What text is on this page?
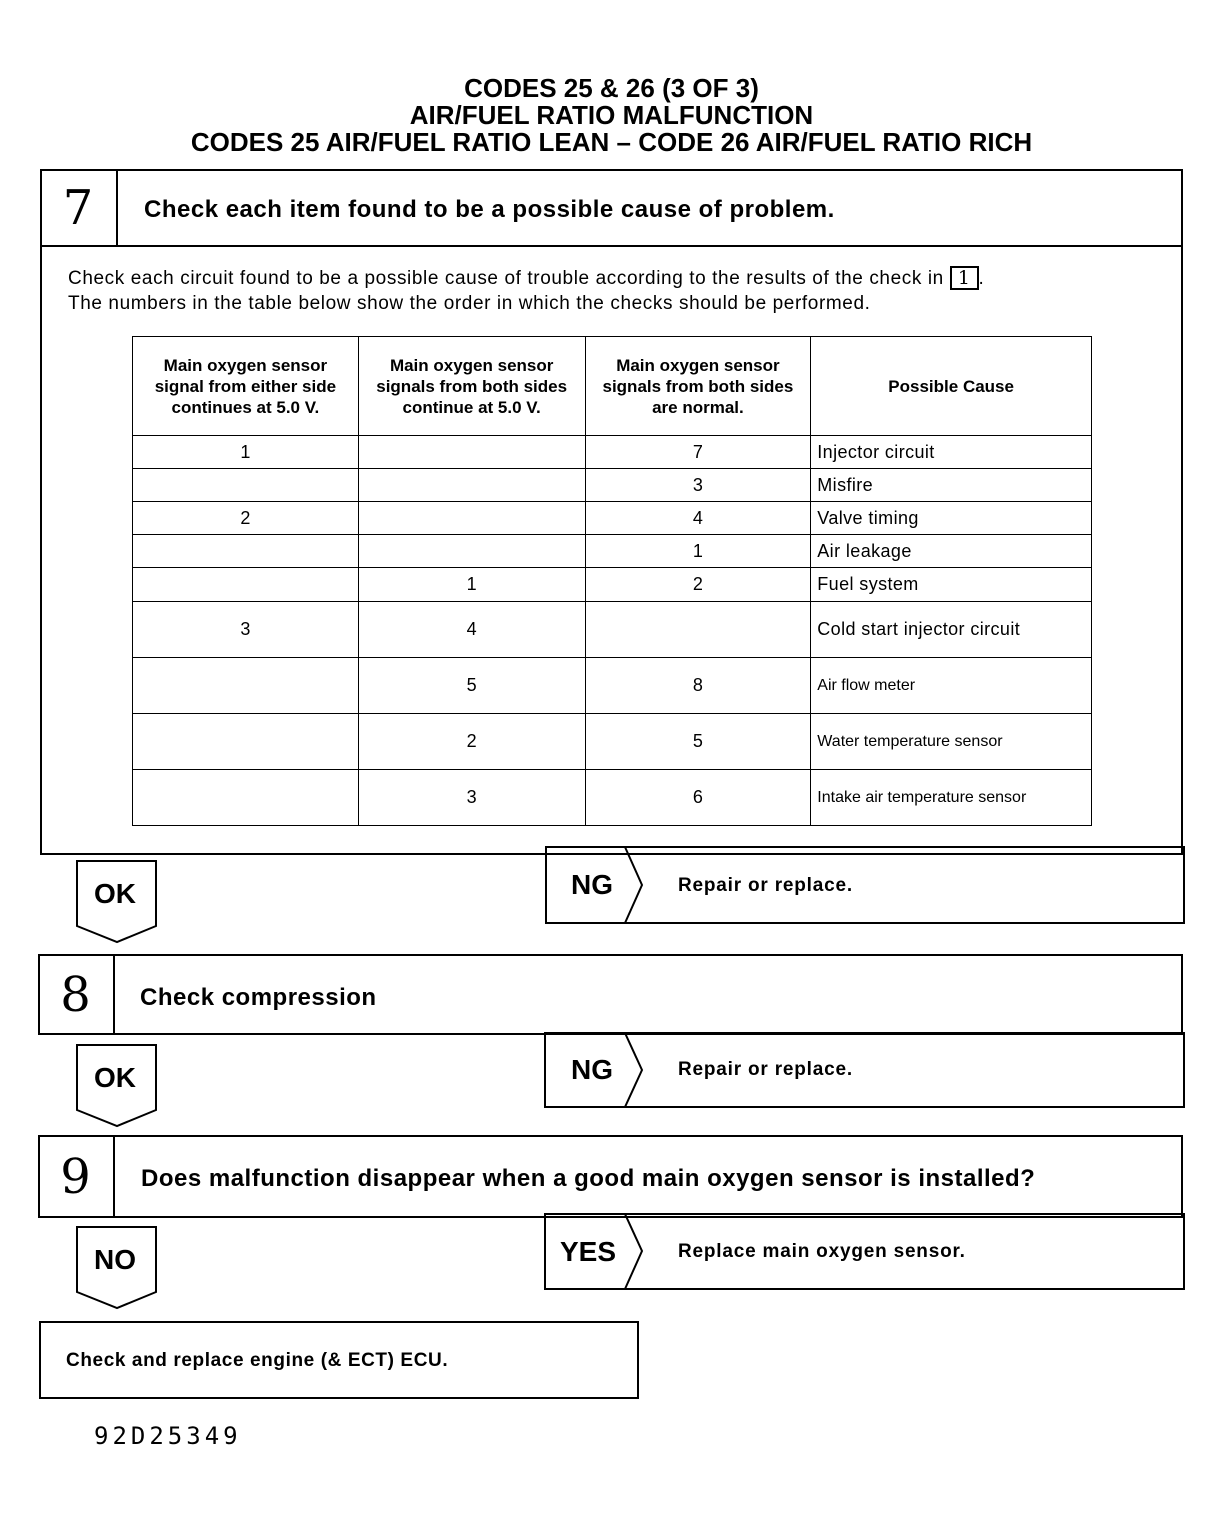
CODES 25 & 26 (3 OF 3)
AIR/FUEL RATIO MALFUNCTION
CODES 25 AIR/FUEL RATIO LEAN – CODE 26 AIR/FUEL RATIO RICH
7	Check each item found to be a possible cause of problem.
Check each circuit found to be a possible cause of trouble according to the results of the check in 1 .
The numbers in the table below show the order in which the checks should be performed.
Main oxygen sensor signal from either side continues at 5.0 V.	Main oxygen sensor signals from both sides continue at 5.0 V.	Main oxygen sensor signals from both sides are normal.	Possible Cause
1		7	Injector circuit
		3	Misfire
2		4	Valve timing
		1	Air leakage
	1	2	Fuel system
3	4		Cold start injector circuit
	5	8	Air flow meter
	2	5	Water temperature sensor
	3	6	Intake air temperature sensor
OK	NG	Repair or replace.
8	Check compression
OK	NG	Repair or replace.
9	Does malfunction disappear when a good main oxygen sensor is installed?
NO	YES	Replace main oxygen sensor.
Check and replace engine (& ECT) ECU.
92D25349
